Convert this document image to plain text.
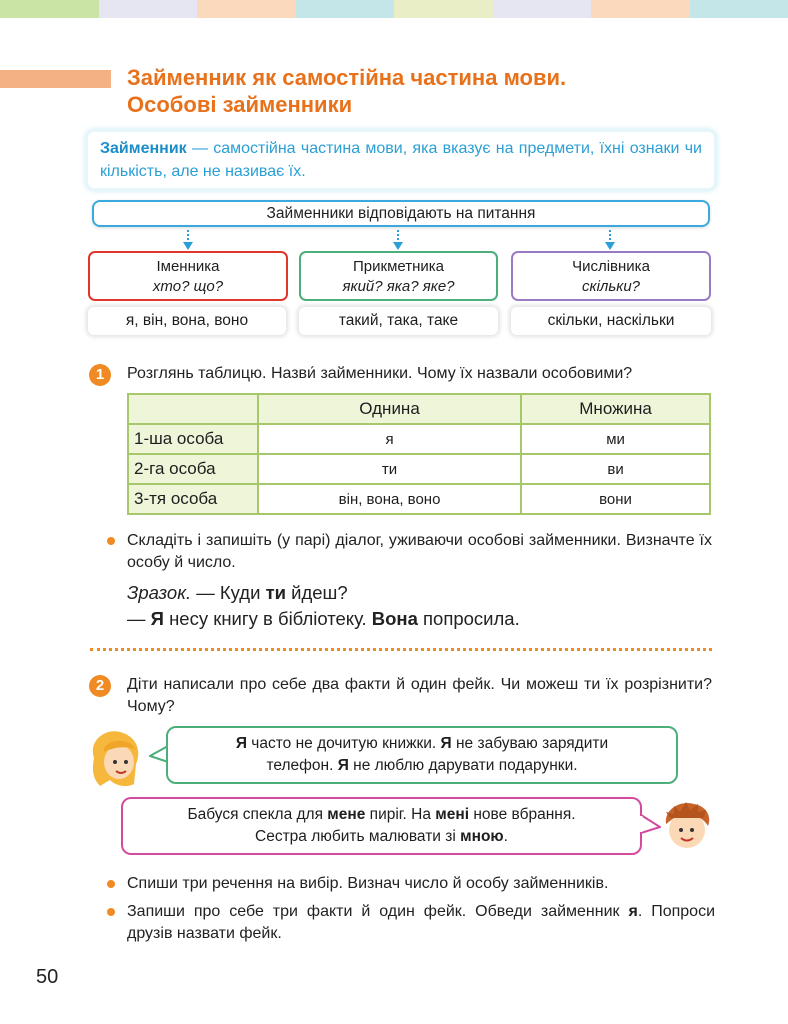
Займенник як самостійна частина мови.
Особові займенники
Займенник — самостійна частина мови, яка вказує на предмети, їхні ознаки чи кількість, але не називає їх.
Займенники відповідають на питання
Іменника
хто? що?
Прикметника
який? яка? яке?
Числівника
скільки?
я, він, вона, воно	такий, така, таке	скільки, наскільки
1	Розглянь таблицю. Назви́ займенники. Чому їх назвали особовими?
	Однина	Множина
1-ша особа	я	ми
2-га особа	ти	ви
3-тя особа	він, вона, воно	вони
Складіть і запишіть (у парі) діалог, уживаючи особові займенники. Визначте їх особу й число.
Зразок. — Куди ти йдеш?
— Я несу книгу в бібліотеку. Вона попросила.
2	Діти написали про себе два факти й один фейк. Чи можеш ти їх розрізнити? Чому?
Я часто не дочитую книжки. Я не забуваю зарядити
телефон. Я не люблю дарувати подарунки.
Бабуся спекла для мене пиріг. На мені нове вбрання.
Сестра любить малювати зі мною.
Спиши три речення на вибір. Визнач число й особу займенників.
Запиши про себе три факти й один фейк. Обведи займенник я. Попроси друзів назвати фейк.
50
